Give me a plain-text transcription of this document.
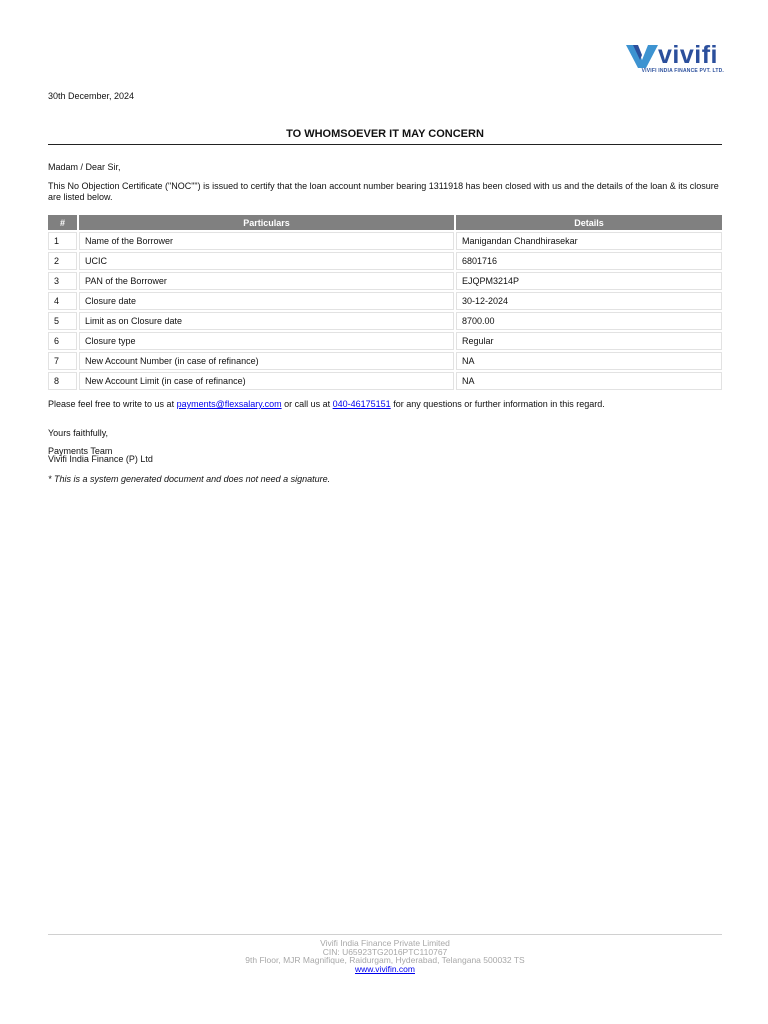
vivifi
VIVIFI INDIA FINANCE PVT. LTD.
30th December, 2024
TO WHOMSOEVER IT MAY CONCERN
Madam / Dear Sir,
This No Objection Certificate ("NOC"") is issued to certify that the loan account number bearing 1311918 has been closed with us and the details of the loan & its closure are listed below.
#	Particulars	Details
1	Name of the Borrower	Manigandan Chandhirasekar
2	UCIC	6801716
3	PAN of the Borrower	EJQPM3214P
4	Closure date	30-12-2024
5	Limit as on Closure date	8700.00
6	Closure type	Regular
7	New Account Number (in case of refinance)	NA
8	New Account Limit (in case of refinance)	NA
Please feel free to write to us at payments@flexsalary.com or call us at 040-46175151 for any questions or further information in this regard.
Yours faithfully,
Payments Team
Vivifi India Finance (P) Ltd
* This is a system generated document and does not need a signature.
Vivifi India Finance Private Limited
CIN: U65923TG2016PTC110767
9th Floor, MJR Magnifique, Raidurgam, Hyderabad, Telangana 500032 TS
www.vivifin.com
